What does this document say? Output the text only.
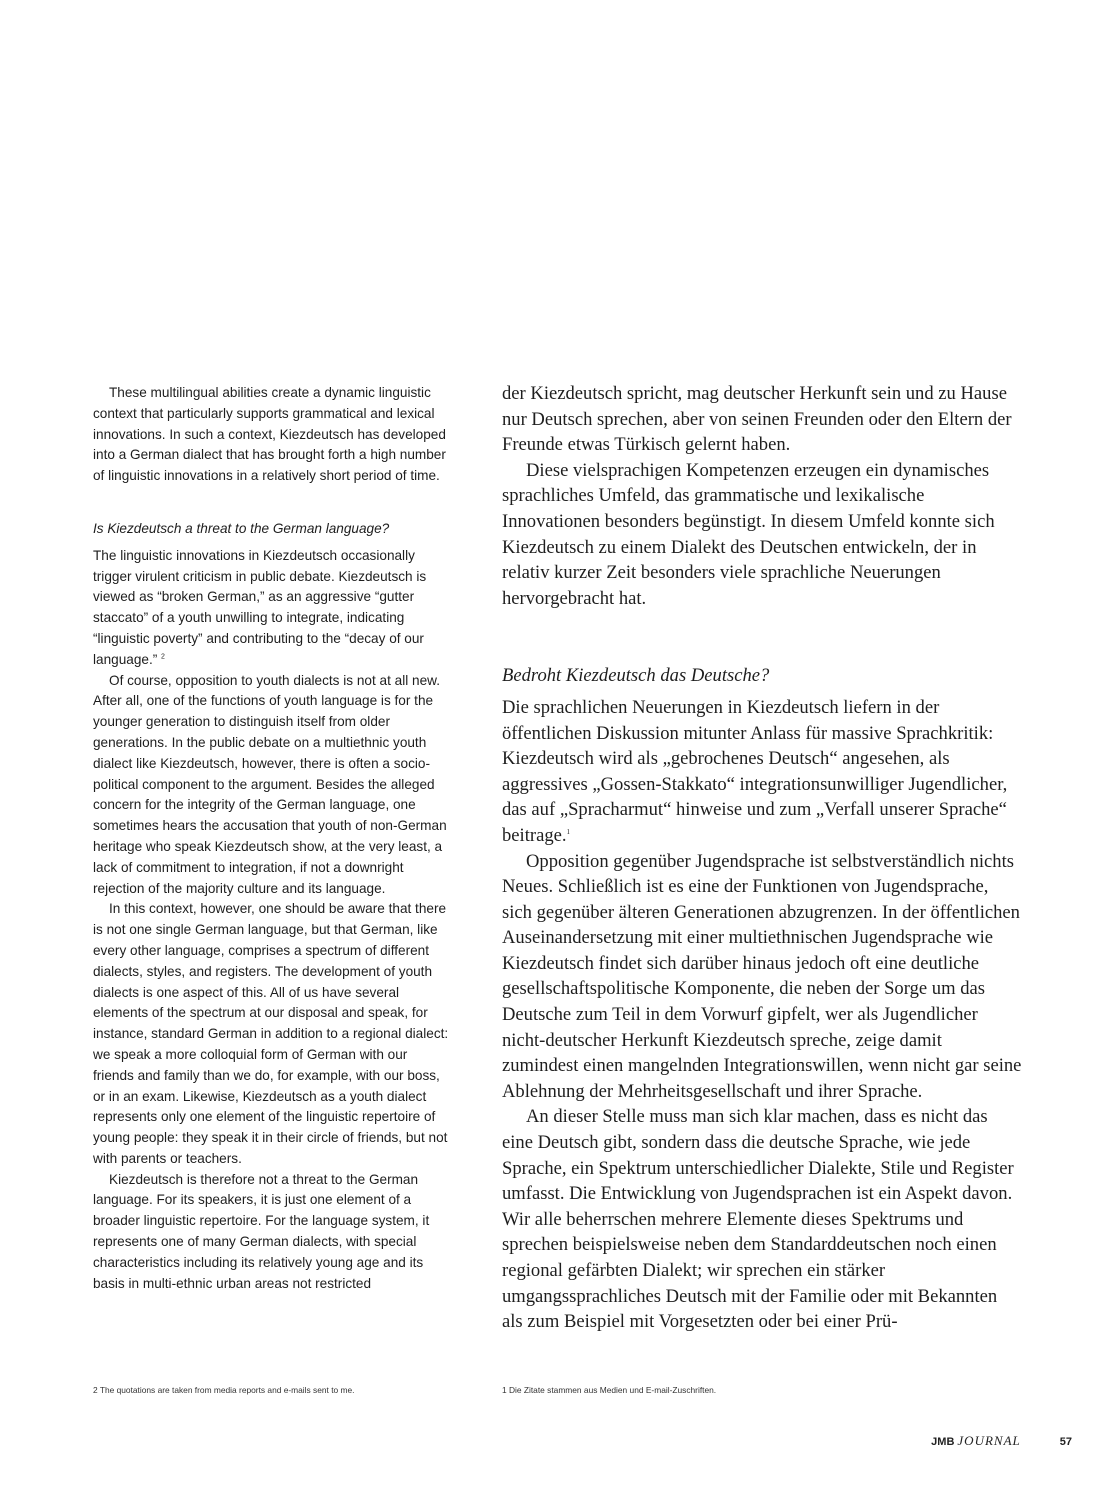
These multilingual abilities create a dynamic linguistic context that particularly supports grammatical and lexical innovations. In such a context, Kiezdeutsch has developed into a German dialect that has brought forth a high number of linguistic innovations in a relatively short period of time.

Is Kiezdeutsch a threat to the German language?

The linguistic innovations in Kiezdeutsch occasionally trigger virulent criticism in public debate. Kiezdeutsch is viewed as “broken German,” as an aggressive “gutter staccato” of a youth unwilling to integrate, indicating “linguistic poverty” and contributing to the “decay of our language.” $^2$

Of course, opposition to youth dialects is not at all new. After all, one of the functions of youth language is for the younger generation to distinguish itself from older generations. In the public debate on a multiethnic youth dialect like Kiezdeutsch, however, there is often a socio-political component to the argument. Besides the alleged concern for the integrity of the German language, one sometimes hears the accusation that youth of non-German heritage who speak Kiezdeutsch show, at the very least, a lack of commitment to integration, if not a downright rejection of the majority culture and its language.

In this context, however, one should be aware that there is not one single German language, but that German, like every other language, comprises a spectrum of different dialects, styles, and registers. The development of youth dialects is one aspect of this. All of us have several elements of the spectrum at our disposal and speak, for instance, standard German in addition to a regional dialect: we speak a more colloquial form of German with our friends and family than we do, for example, with our boss, or in an exam. Likewise, Kiezdeutsch as a youth dialect represents only one element of the linguistic repertoire of young people: they speak it in their circle of friends, but not with parents or teachers.

Kiezdeutsch is therefore not a threat to the German language. For its speakers, it is just one element of a broader linguistic repertoire. For the language system, it represents one of many German dialects, with special characteristics including its relatively young age and its basis in multi-ethnic urban areas not restricted

der Kiezdeutsch spricht, mag deutscher Herkunft sein und zu Hause nur Deutsch sprechen, aber von seinen Freunden oder den Eltern der Freunde etwas Türkisch gelernt haben.

Diese vielsprachigen Kompetenzen erzeugen ein dynamisches sprachliches Umfeld, das grammatische und lexikalische Innovationen besonders begünstigt. In diesem Umfeld konnte sich Kiezdeutsch zu einem Dialekt des Deutschen entwickeln, der in relativ kurzer Zeit besonders viele sprachliche Neuerungen hervorgebracht hat.

Bedroht Kiezdeutsch das Deutsche?

Die sprachlichen Neuerungen in Kiezdeutsch liefern in der öffentlichen Diskussion mitunter Anlass für massive Sprachkritik: Kiezdeutsch wird als „gebrochenes Deutsch“ angesehen, als aggressives „Gossen-Stakkato“ integrationsunwilliger Jugendlicher, das auf „Spracharmut“ hinweise und zum „Verfall unserer Sprache“ beitrage.$^1$

Opposition gegenüber Jugendsprache ist selbstverständlich nichts Neues. Schließlich ist es eine der Funktionen von Jugendsprache, sich gegenüber älteren Generationen abzugrenzen. In der öffentlichen Auseinandersetzung mit einer multiethnischen Jugendsprache wie Kiezdeutsch findet sich darüber hinaus jedoch oft eine deutliche gesellschaftspolitische Komponente, die neben der Sorge um das Deutsche zum Teil in dem Vorwurf gipfelt, wer als Jugendlicher nicht-deutscher Herkunft Kiezdeutsch spreche, zeige damit zumindest einen mangelnden Integrationswillen, wenn nicht gar seine Ablehnung der Mehrheitsgesellschaft und ihrer Sprache.

An dieser Stelle muss man sich klar machen, dass es nicht das eine Deutsch gibt, sondern dass die deutsche Sprache, wie jede Sprache, ein Spektrum unterschiedlicher Dialekte, Stile und Register umfasst. Die Entwicklung von Jugendsprachen ist ein Aspekt davon. Wir alle beherrschen mehrere Elemente dieses Spektrums und sprechen beispielsweise neben dem Standarddeutschen noch einen regional gefärbten Dialekt; wir sprechen ein stärker umgangssprachliches Deutsch mit der Familie oder mit Bekannten als zum Beispiel mit Vorgesetzten oder bei einer Prü-

2 The quotations are taken from media reports and e-mails sent to me.	1 Die Zitate stammen aus Medien und E-mail-Zuschriften.
JMB JOURNAL	57
